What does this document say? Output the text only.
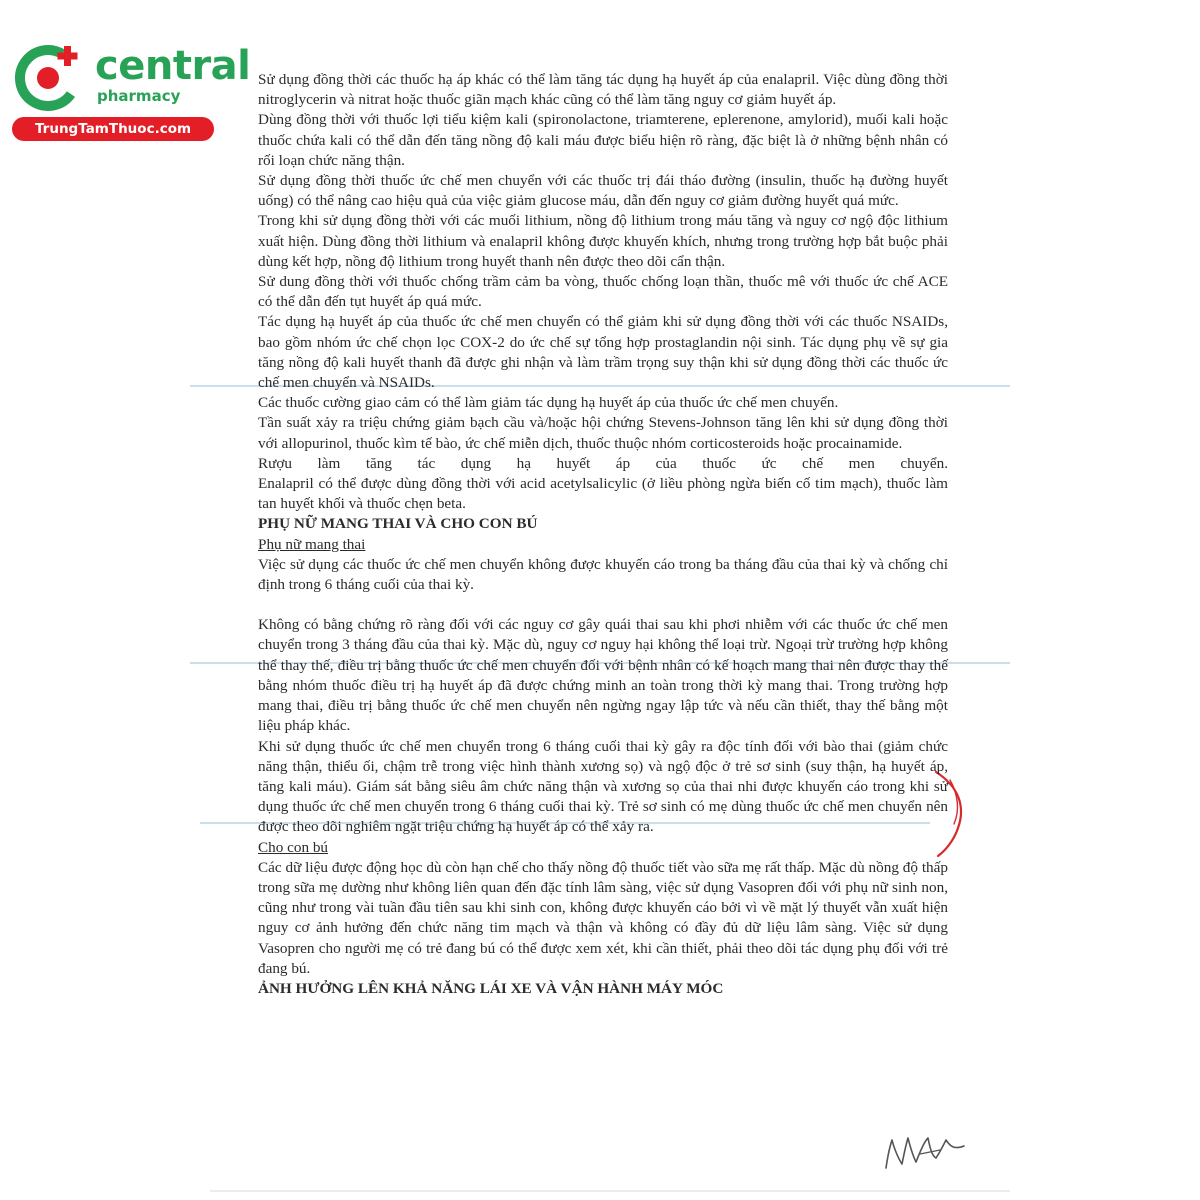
central
pharmacy
TrungTamThuoc.com
Sử dụng đồng thời các thuốc hạ áp khác có thể làm tăng tác dụng hạ huyết áp của enalapril. Việc dùng đồng thời nitroglycerin và nitrat hoặc thuốc giãn mạch khác cũng có thể làm tăng nguy cơ giảm huyết áp.
Dùng đồng thời với thuốc lợi tiểu kiệm kali (spironolactone, triamterene, eplerenone, amylorid), muối kali hoặc thuốc chứa kali có thể dẫn đến tăng nồng độ kali máu được biểu hiện rõ ràng, đặc biệt là ở những bệnh nhân có rối loạn chức năng thận.
Sử dụng đồng thời thuốc ức chế men chuyển với các thuốc trị đái tháo đường (insulin, thuốc hạ đường huyết uống) có thể nâng cao hiệu quả của việc giảm glucose máu, dẫn đến nguy cơ giảm đường huyết quá mức.
Trong khi sử dụng đồng thời với các muối lithium, nồng độ lithium trong máu tăng và nguy cơ ngộ độc lithium xuất hiện. Dùng đồng thời lithium và enalapril không được khuyến khích, nhưng trong trường hợp bắt buộc phải dùng kết hợp, nồng độ lithium trong huyết thanh nên được theo dõi cẩn thận.
Sử dung đồng thời với thuốc chống trầm cảm ba vòng, thuốc chống loạn thần, thuốc mê với thuốc ức chế ACE có thể dẫn đến tụt huyết áp quá mức.
Tác dụng hạ huyết áp của thuốc ức chế men chuyển có thể giảm khi sử dụng đồng thời với các thuốc NSAIDs, bao gồm nhóm ức chế chọn lọc COX-2 do ức chế sự tổng hợp prostaglandin nội sinh. Tác dụng phụ về sự gia tăng nồng độ kali huyết thanh đã được ghi nhận và làm trầm trọng suy thận khi sử dụng đồng thời các thuốc ức chế men chuyển và NSAIDs.
Các thuốc cường giao cảm có thể làm giảm tác dụng hạ huyết áp của thuốc ức chế men chuyển.
Tần suất xảy ra triệu chứng giảm bạch cầu và/hoặc hội chứng Stevens-Johnson tăng lên khi sử dụng đồng thời với allopurinol, thuốc kìm tế bào, ức chế miễn dịch, thuốc thuộc nhóm corticosteroids hoặc procainamide.
Rượu làm tăng tác dụng hạ huyết áp của thuốc ức chế men chuyển.
Enalapril có thể được dùng đồng thời với acid acetylsalicylic (ở liều phòng ngừa biến cố tim mạch), thuốc làm tan huyết khối và thuốc chẹn beta.
PHỤ NỮ MANG THAI VÀ CHO CON BÚ
Phụ nữ mang thai
Việc sử dụng các thuốc ức chế men chuyển không được khuyến cáo trong ba tháng đầu của thai kỳ và chống chỉ định trong 6 tháng cuối của thai kỳ.
Không có bằng chứng rõ ràng đối với các nguy cơ gây quái thai sau khi phơi nhiễm với các thuốc ức chế men chuyển trong 3 tháng đầu của thai kỳ. Mặc dù, nguy cơ nguy hại không thể loại trừ. Ngoại trừ trường hợp không thể thay thế, điều trị bằng thuốc ức chế men chuyển đối với bệnh nhân có kế hoạch mang thai nên được thay thế bằng nhóm thuốc điều trị hạ huyết áp đã được chứng minh an toàn trong thời kỳ mang thai. Trong trường hợp mang thai, điều trị bằng thuốc ức chế men chuyển nên ngừng ngay lập tức và nếu cần thiết, thay thế bằng một liệu pháp khác.
Khi sử dụng thuốc ức chế men chuyển trong 6 tháng cuối thai kỳ gây ra độc tính đối với bào thai (giảm chức năng thận, thiểu ối, chậm trễ trong việc hình thành xương sọ) và ngộ độc ở trẻ sơ sinh (suy thận, hạ huyết áp, tăng kali máu). Giám sát bằng siêu âm chức năng thận và xương sọ của thai nhi được khuyến cáo trong khi sử dụng thuốc ức chế men chuyển trong 6 tháng cuối thai kỳ. Trẻ sơ sinh có mẹ dùng thuốc ức chế men chuyển nên được theo dõi nghiêm ngặt triệu chứng hạ huyết áp có thể xảy ra.
Cho con bú
Các dữ liệu được động học dù còn hạn chế cho thấy nồng độ thuốc tiết vào sữa mẹ rất thấp. Mặc dù nồng độ thấp trong sữa mẹ dường như không liên quan đến đặc tính lâm sàng, việc sử dụng Vasopren đối với phụ nữ sinh non, cũng như trong vài tuần đầu tiên sau khi sinh con, không được khuyến cáo bởi vì về mặt lý thuyết vẫn xuất hiện nguy cơ ảnh hưởng đến chức năng tim mạch và thận và không có đầy đủ dữ liệu lâm sàng. Việc sử dụng Vasopren cho người mẹ có trẻ đang bú có thể được xem xét, khi cần thiết, phải theo dõi tác dụng phụ đối với trẻ đang bú.
ẢNH HƯỞNG LÊN KHẢ NĂNG LÁI XE VÀ VẬN HÀNH MÁY MÓC
